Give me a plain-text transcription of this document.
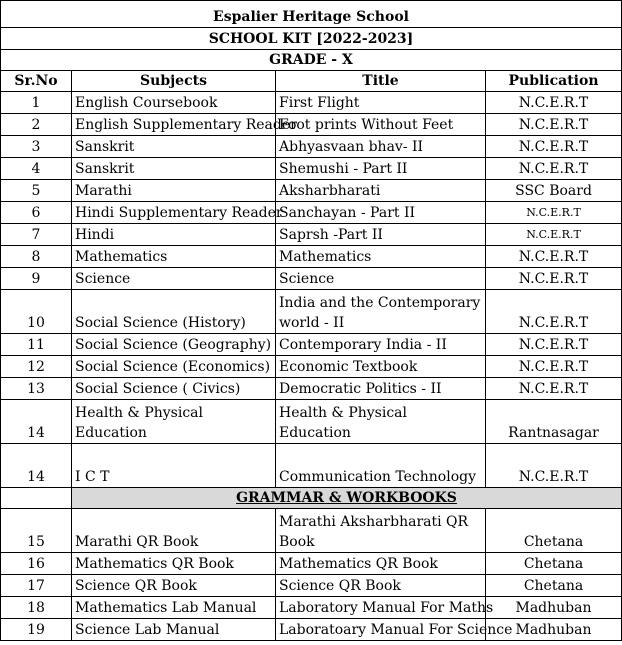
Espalier Heritage School			
SCHOOL KIT [2022-2023]			
GRADE - X			
Sr.No	Subjects	Title	Publication
1	English Coursebook	First Flight	N.C.E.R.T
2	English Supplementary Reader	Foot prints Without Feet	N.C.E.R.T
3	Sanskrit	Abhyasvaan bhav- II	N.C.E.R.T
4	Sanskrit	Shemushi - Part II	N.C.E.R.T
5	Marathi	Aksharbharati	SSC Board
6	Hindi Supplementary Reader	Sanchayan - Part II	N.C.E.R.T
7	Hindi	Saprsh -Part II	N.C.E.R.T
8	Mathematics	Mathematics	N.C.E.R.T
9	Science	Science	N.C.E.R.T
10	Social Science (History)	India and the Contemporary world - II	N.C.E.R.T
11	Social Science (Geography)	Contemporary India - II	N.C.E.R.T
12	Social Science (Economics)	Economic Textbook	N.C.E.R.T
13	Social Science ( Civics)	Democratic Politics - II	N.C.E.R.T
14	Health & Physical Education	Health & Physical Education	Rantnasagar
14	I C T	Communication Technology	N.C.E.R.T
	GRAMMAR & WORKBOOKS		
15	Marathi QR Book	Marathi Aksharbharati QR Book	Chetana
16	Mathematics QR Book	Mathematics QR Book	Chetana
17	Science QR Book	Science QR Book	Chetana
18	Mathematics Lab Manual	Laboratory Manual For Maths	Madhuban
19	Science Lab Manual	Laboratoary Manual For Science	Madhuban
